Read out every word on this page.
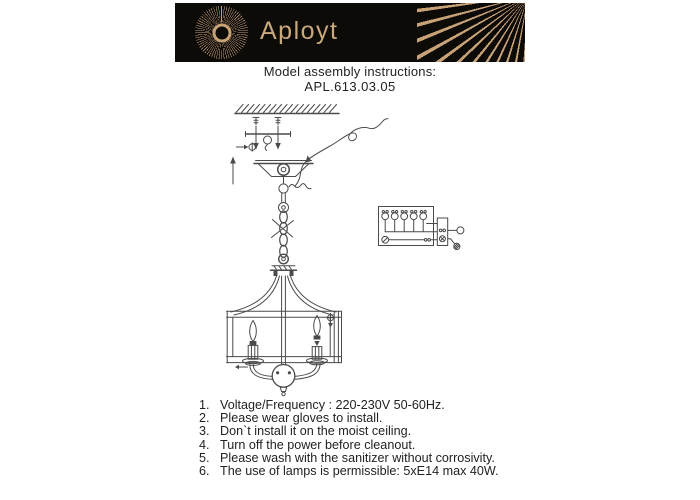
Aployt
Model assembly instructions:
APL.613.03.05
1. Voltage/Frequency : 220-230V 50-60Hz.
2. Please wear gloves to install.
3. Don`t install it on the moist ceiling.
4. Turn off the power before cleanout.
5. Please wash with the sanitizer without corrosivity.
6. The use of lamps is permissible: 5xE14 max 40W.
